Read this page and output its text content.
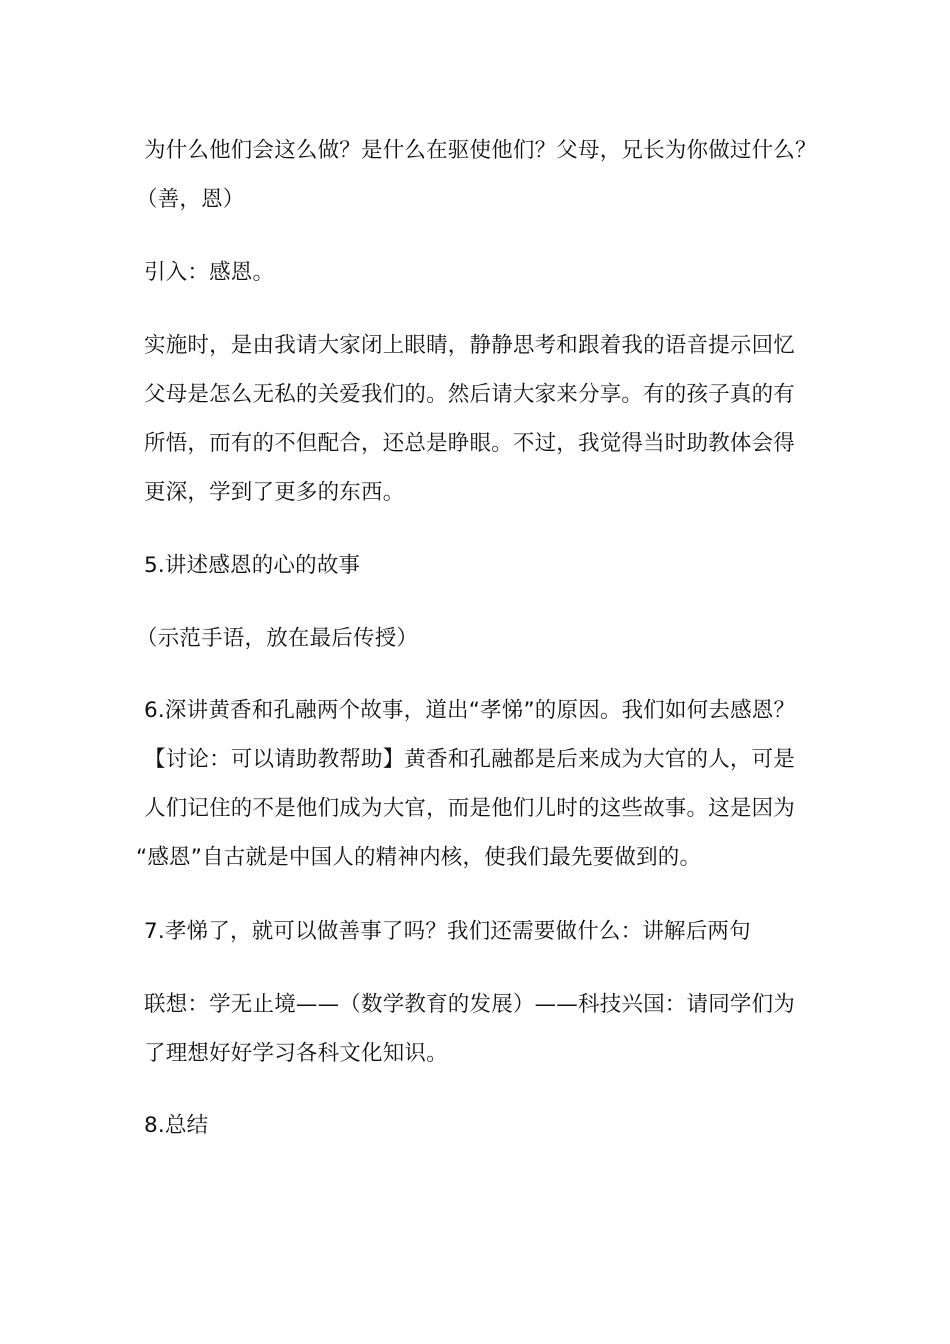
为什么他们会这么做？是什么在驱使他们？父母，兄长为你做过什么？
（善，恩）

引入：感恩。

实施时，是由我请大家闭上眼睛，静静思考和跟着我的语音提示回忆
父母是怎么无私的关爱我们的。然后请大家来分享。有的孩子真的有
所悟，而有的不但配合，还总是睁眼。不过，我觉得当时助教体会得
更深，学到了更多的东西。

5.讲述感恩的心的故事

（示范手语，放在最后传授）

6.深讲黄香和孔融两个故事，道出“孝悌”的原因。我们如何去感恩？
【讨论：可以请助教帮助】黄香和孔融都是后来成为大官的人，可是
人们记住的不是他们成为大官，而是他们儿时的这些故事。这是因为
“感恩”自古就是中国人的精神内核，使我们最先要做到的。

7.孝悌了，就可以做善事了吗？我们还需要做什么：讲解后两句

联想：学无止境——（数学教育的发展）——科技兴国：请同学们为
了理想好好学习各科文化知识。

8.总结
